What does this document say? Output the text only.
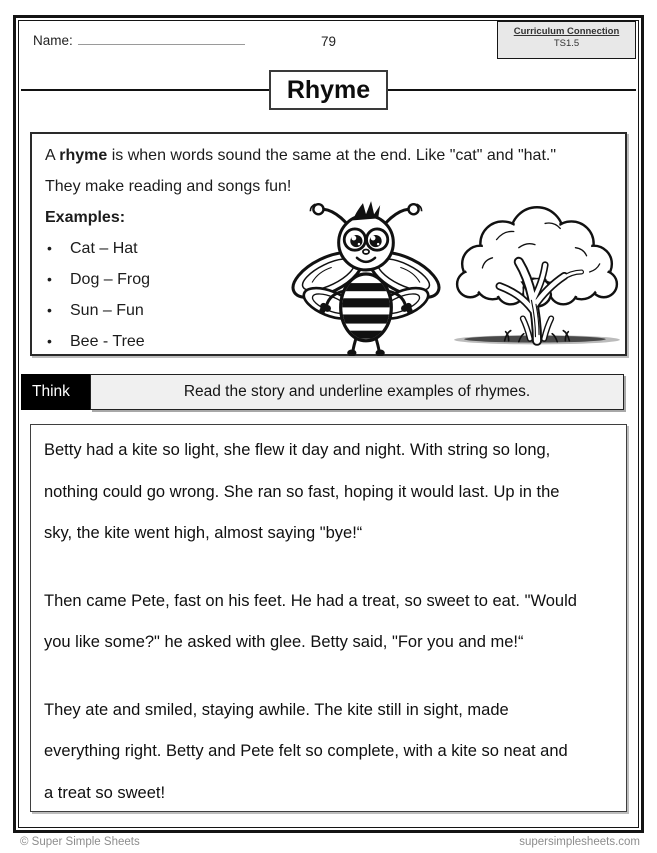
Name:	79
Curriculum Connection
TS1.5
Rhyme
A rhyme is when words sound the same at the end. Like "cat" and "hat."
They make reading and songs fun!
Examples:
•	Cat – Hat
•	Dog – Frog
•	Sun – Fun
•	Bee - Tree
Think	Read the story and underline examples of rhymes.
Betty had a kite so light, she flew it day and night. With string so long,
nothing could go wrong. She ran so fast, hoping it would last. Up in the
sky, the kite went high, almost saying "bye!“
Then came Pete, fast on his feet. He had a treat, so sweet to eat. "Would
you like some?" he asked with glee. Betty said, "For you and me!“
They ate and smiled, staying awhile. The kite still in sight, made
everything right. Betty and Pete felt so complete, with a kite so neat and
a treat so sweet!
© Super Simple Sheets	supersimplesheets.com
